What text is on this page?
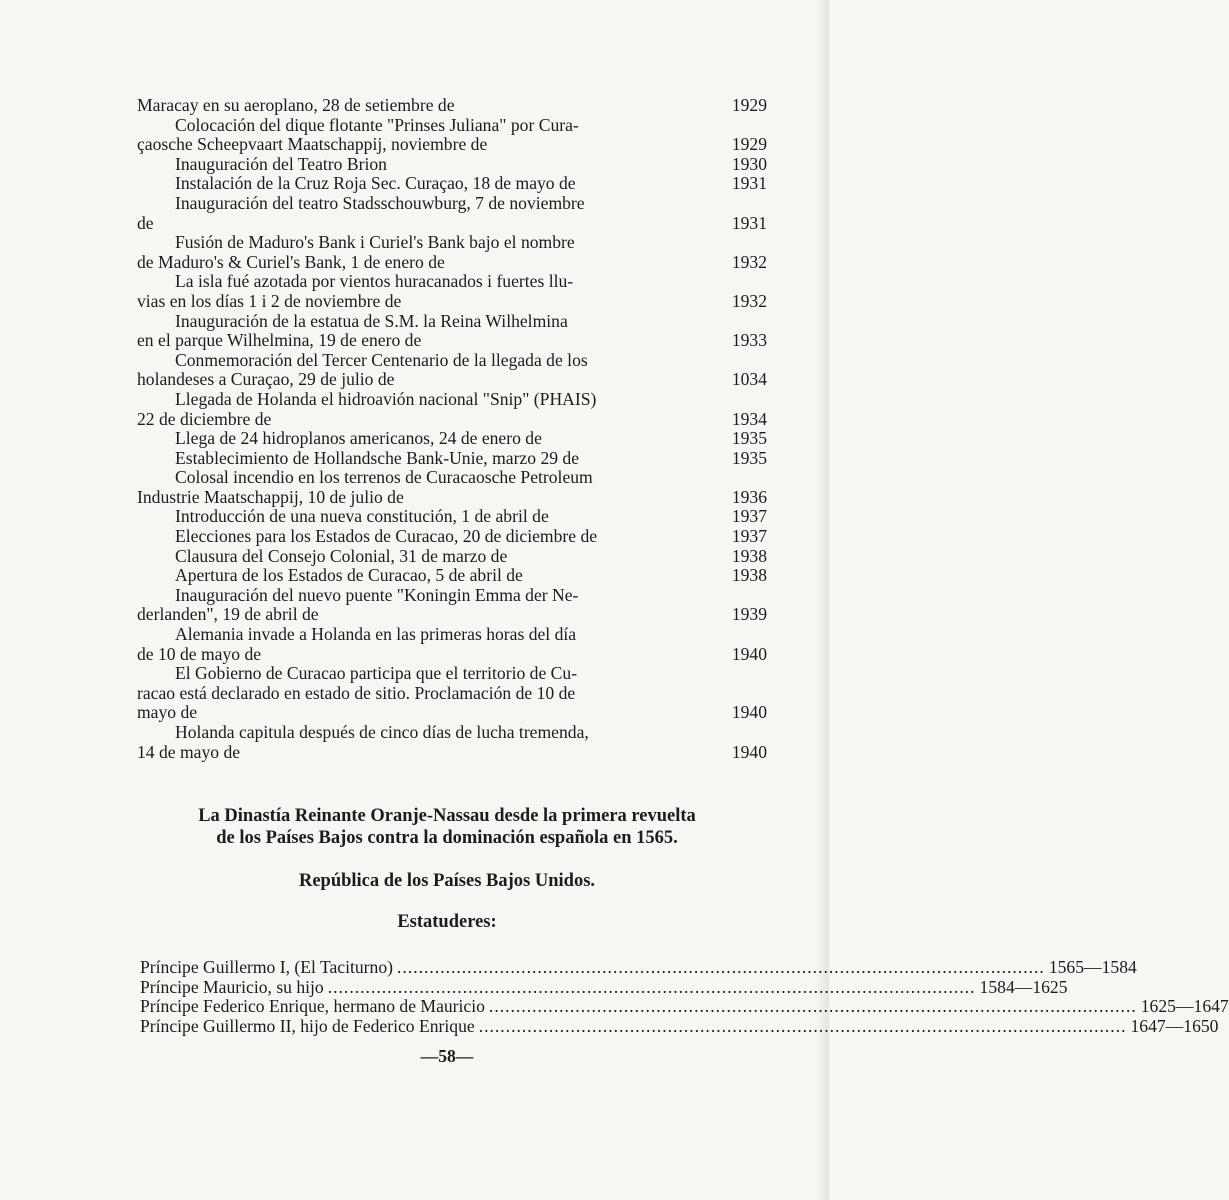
Maracay en su aeroplano, 28 de setiembre de	1929
Colocación del dique flotante "Prinses Juliana" por Cura-
çaosche Scheepvaart Maatschappij, noviembre de	1929
Inauguración del Teatro Brion	1930
Instalación de la Cruz Roja Sec. Curaçao, 18 de mayo de	1931
Inauguración del teatro Stadsschouwburg, 7 de noviembre
de	1931
Fusión de Maduro's Bank i Curiel's Bank bajo el nombre
de Maduro's & Curiel's Bank, 1 de enero de	1932
La isla fué azotada por vientos huracanados i fuertes llu-
vias en los días 1 i 2 de noviembre de	1932
Inauguración de la estatua de S.M. la Reina Wilhelmina
en el parque Wilhelmina, 19 de enero de	1933
Conmemoración del Tercer Centenario de la llegada de los
holandeses a Curaçao, 29 de julio de	1034
Llegada de Holanda el hidroavión nacional "Snip" (PHAIS)
22 de diciembre de	1934
Llega de 24 hidroplanos americanos, 24 de enero de	1935
Establecimiento de Hollandsche Bank-Unie, marzo 29 de	1935
Colosal incendio en los terrenos de Curacaosche Petroleum
Industrie Maatschappij, 10 de julio de	1936
Introducción de una nueva constitución, 1 de abril de	1937
Elecciones para los Estados de Curacao, 20 de diciembre de	1937
Clausura del Consejo Colonial, 31 de marzo de	1938
Apertura de los Estados de Curacao, 5 de abril de	1938
Inauguración del nuevo puente "Koningin Emma der Ne-
derlanden", 19 de abril de	1939
Alemania invade a Holanda en las primeras horas del día
de 10 de mayo de	1940
El Gobierno de Curacao participa que el territorio de Cu-
racao está declarado en estado de sitio. Proclamación de 10 de
mayo de	1940
Holanda capitula después de cinco días de lucha tremenda,
14 de mayo de	1940
La Dinastía Reinante Oranje-Nassau desde la primera revuelta
de los Países Bajos contra la dominación española en 1565.
República de los Países Bajos Unidos.
Estatuderes:
Príncipe Guillermo I, (El Taciturno) ........................................................................................................................ 1565—1584
Príncipe Mauricio, su hijo ........................................................................................................................ 1584—1625
Príncipe Federico Enrique, hermano de Mauricio ........................................................................................................................ 1625—1647
Príncipe Guillermo II, hijo de Federico Enrique ........................................................................................................................ 1647—1650
—58—
